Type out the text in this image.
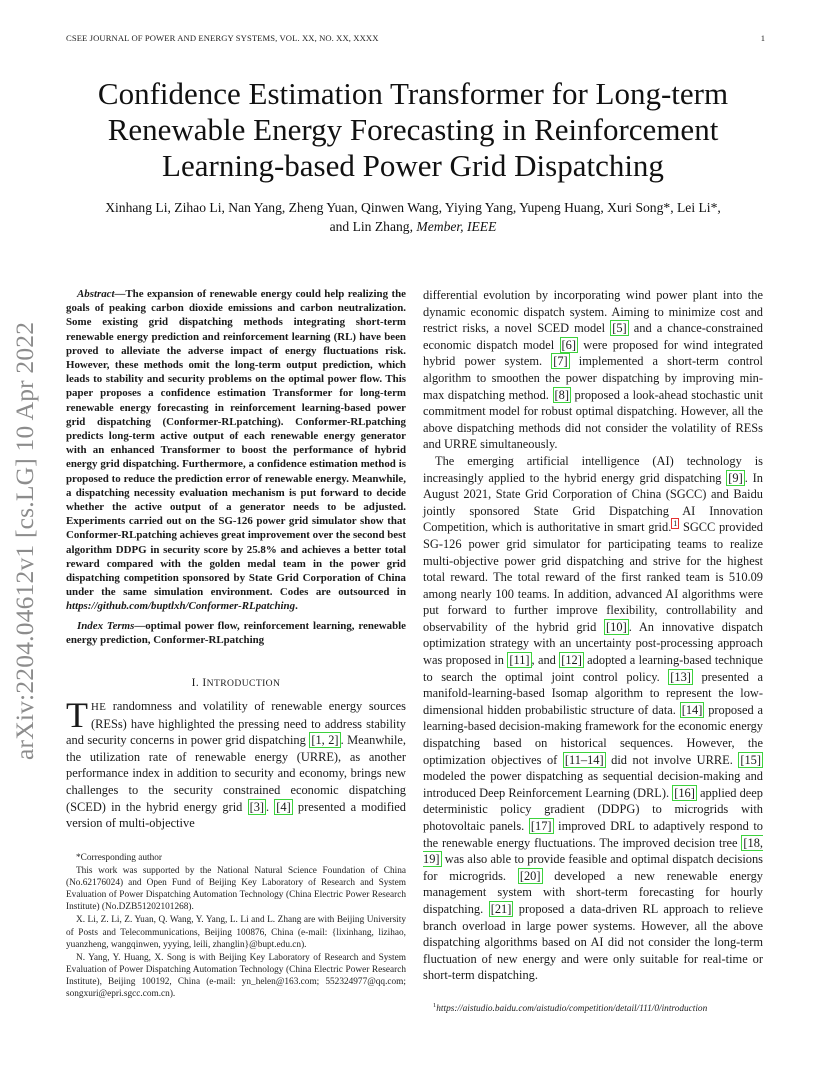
CSEE JOURNAL OF POWER AND ENERGY SYSTEMS, VOL. XX, NO. XX, XXXX	1
arXiv:2204.04612v1 [cs.LG] 10 Apr 2022
Confidence Estimation Transformer for Long-term Renewable Energy Forecasting in Reinforcement Learning-based Power Grid Dispatching
Xinhang Li, Zihao Li, Nan Yang, Zheng Yuan, Qinwen Wang, Yiying Yang, Yupeng Huang, Xuri Song*, Lei Li*,
and Lin Zhang, Member, IEEE

Abstract—The expansion of renewable energy could help realizing the goals of peaking carbon dioxide emissions and carbon neutralization. Some existing grid dispatching methods integrating short-term renewable energy prediction and reinforcement learning (RL) have been proved to alleviate the adverse impact of energy fluctuations risk. However, these methods omit the long-term output prediction, which leads to stability and security problems on the optimal power flow. This paper proposes a confidence estimation Transformer for long-term renewable energy forecasting in reinforcement learning-based power grid dispatching (Conformer-RLpatching). Conformer-RLpatching predicts long-term active output of each renewable energy generator with an enhanced Transformer to boost the performance of hybrid energy grid dispatching. Furthermore, a confidence estimation method is proposed to reduce the prediction error of renewable energy. Meanwhile, a dispatching necessity evaluation mechanism is put forward to decide whether the active output of a generator needs to be adjusted. Experiments carried out on the SG-126 power grid simulator show that Conformer-RLpatching achieves great improvement over the second best algorithm DDPG in security score by 25.8% and achieves a better total reward compared with the golden medal team in the power grid dispatching competition sponsored by State Grid Corporation of China under the same simulation environment. Codes are outsourced in https://github.com/buptlxh/Conformer-RLpatching.

Index Terms—optimal power flow, reinforcement learning, renewable energy prediction, Conformer-RLpatching

I. INTRODUCTION

THE randomness and volatility of renewable energy sources (RESs) have highlighted the pressing need to address stability and security concerns in power grid dispatching [1, 2] . Meanwhile, the utilization rate of renewable energy (URRE), as another performance index in addition to security and economy, brings new challenges to the security constrained economic dispatching (SCED) in the hybrid energy grid [3] . [4] presented a modified version of multi-objective

*Corresponding author

This work was supported by the National Natural Science Foundation of China (No.62176024) and Open Fund of Beijing Key Laboratory of Research and System Evaluation of Power Dispatching Automation Technology (China Electric Power Research Institute) (No.DZB51202101268).

X. Li, Z. Li, Z. Yuan, Q. Wang, Y. Yang, L. Li and L. Zhang are with Beijing University of Posts and Telecommunications, Beijing 100876, China (e-mail: {lixinhang, lizihao, yuanzheng, wangqinwen, yyying, leili, zhanglin}@bupt.edu.cn).

N. Yang, Y. Huang, X. Song is with Beijing Key Laboratory of Research and System Evaluation of Power Dispatching Automation Technology (China Electric Power Research Institute), Beijing 100192, China (e-mail: yn_helen@163.com; 552324977@qq.com; songxuri@epri.sgcc.com.cn).

differential evolution by incorporating wind power plant into the dynamic economic dispatch system. Aiming to minimize cost and restrict risks, a novel SCED model [5] and a chance-constrained economic dispatch model [6] were proposed for wind integrated hybrid power system. [7] implemented a short-term control algorithm to smoothen the power dispatching by improving min-max dispatching method. [8] proposed a look-ahead stochastic unit commitment model for robust optimal dispatching. However, all the above dispatching methods did not consider the volatility of RESs and URRE simultaneously.

The emerging artificial intelligence (AI) technology is increasingly applied to the hybrid energy grid dispatching [9] . In August 2021, State Grid Corporation of China (SGCC) and Baidu jointly sponsored State Grid Dispatching AI Innovation Competition, which is authoritative in smart grid. $^1$ SGCC provided SG-126 power grid simulator for participating teams to realize multi-objective power grid dispatching and strive for the highest total reward. The total reward of the first ranked team is 510.09 among nearly 100 teams. In addition, advanced AI algorithms were put forward to further improve flexibility, controllability and observability of the hybrid grid [10] . An innovative dispatch optimization strategy with an uncertainty post-processing approach was proposed in [11] , and [12] adopted a learning-based technique to search the optimal joint control policy. [13] presented a manifold-learning-based Isomap algorithm to represent the low-dimensional hidden probabilistic structure of data. [14] proposed a learning-based decision-making framework for the economic energy dispatching based on historical sequences. However, the optimization objectives of [11–14] did not involve URRE. [15] modeled the power dispatching as sequential decision-making and introduced Deep Reinforcement Learning (DRL). [16] applied deep deterministic policy gradient (DDPG) to microgrids with photovoltaic panels. [17] improved DRL to adaptively respond to the renewable energy fluctuations. The improved decision tree [18, 19] was also able to provide feasible and optimal dispatch decisions for microgrids. [20] developed a new renewable energy management system with short-term forecasting for hourly dispatching. [21] proposed a data-driven RL approach to relieve branch overload in large power systems. However, all the above dispatching algorithms based on AI did not consider the long-term fluctuation of new energy and were only suitable for real-time or short-term dispatching.

$^1$https://aistudio.baidu.com/aistudio/competition/detail/111/0/introduction
